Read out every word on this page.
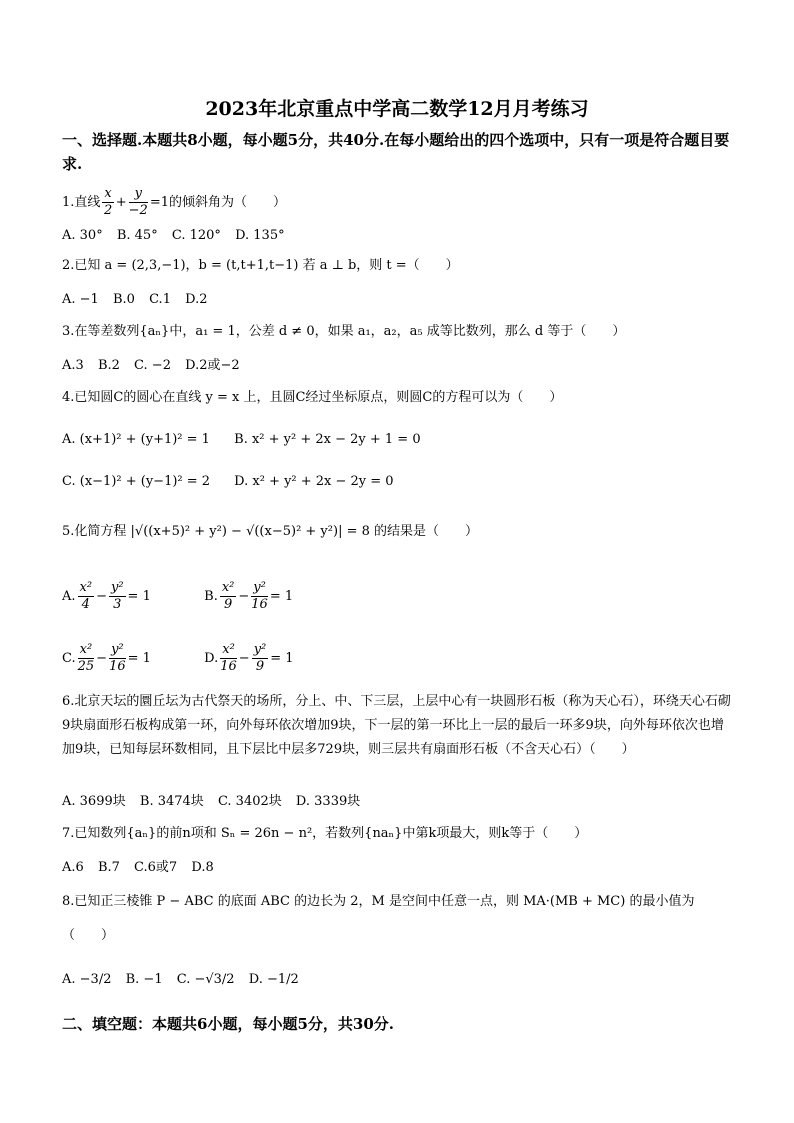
2023年北京重点中学高二数学12月月考练习
一、选择题.本题共8小题，每小题5分，共40分.在每小题给出的四个选项中，只有一项是符合题目要求.
1.直线 $\frac{x}{2} + \frac{y}{-2} =1$的倾斜角为（　　）
A. 30° B. 45° C. 120° D. 135°
2.已知 a = (2,3,−1)，b = (t,t+1,t−1) 若 a ⊥ b，则 t =（　　）
A. −1 B.0 C.1 D.2
3.在等差数列{aₙ}中，a₁ = 1，公差 d ≠ 0，如果 a₁，a₂，a₅ 成等比数列，那么 d 等于（　　）
A.3 B.2 C. −2 D.2或−2
4.已知圆C的圆心在直线 y = x 上，且圆C经过坐标原点，则圆C的方程可以为（　　）
A. (x+1)² + (y+1)² = 1 B. x² + y² + 2x − 2y + 1 = 0
C. (x−1)² + (y−1)² = 2 D. x² + y² + 2x − 2y = 0
5.化简方程 |√((x+5)² + y²) − √((x−5)² + y²)| = 8 的结果是（　　）
A. $\frac{\text{x²}}{4} - \frac{\text{y²}}{3} = 1$	B. $\frac{\text{x²}}{9} - \frac{\text{y²}}{16} = 1$
C. $\frac{\text{x²}}{25} - \frac{\text{y²}}{16} = 1$	D. $\frac{\text{x²}}{16} - \frac{\text{y²}}{9} = 1$
6.北京天坛的圜丘坛为古代祭天的场所，分上、中、下三层，上层中心有一块圆形石板（称为天心石），环绕天心石砌9块扇面形石板构成第一环，向外每环依次增加9块，下一层的第一环比上一层的最后一环多9块，向外每环依次也增加9块，已知每层环数相同，且下层比中层多729块，则三层共有扇面形石板（不含天心石）（　　）
A. 3699块 B. 3474块 C. 3402块 D. 3339块
7.已知数列{aₙ}的前n项和 Sₙ = 26n − n²，若数列{naₙ}中第k项最大，则k等于（　　）
A.6 B.7 C.6或7 D.8
8.已知正三棱锥 P − ABC 的底面 ABC 的边长为 2，M 是空间中任意一点，则 MA·(MB + MC) 的最小值为
（　　）
A. −3/2 B. −1 C. −√3/2 D. −1/2
二、填空题：本题共6小题，每小题5分，共30分.
